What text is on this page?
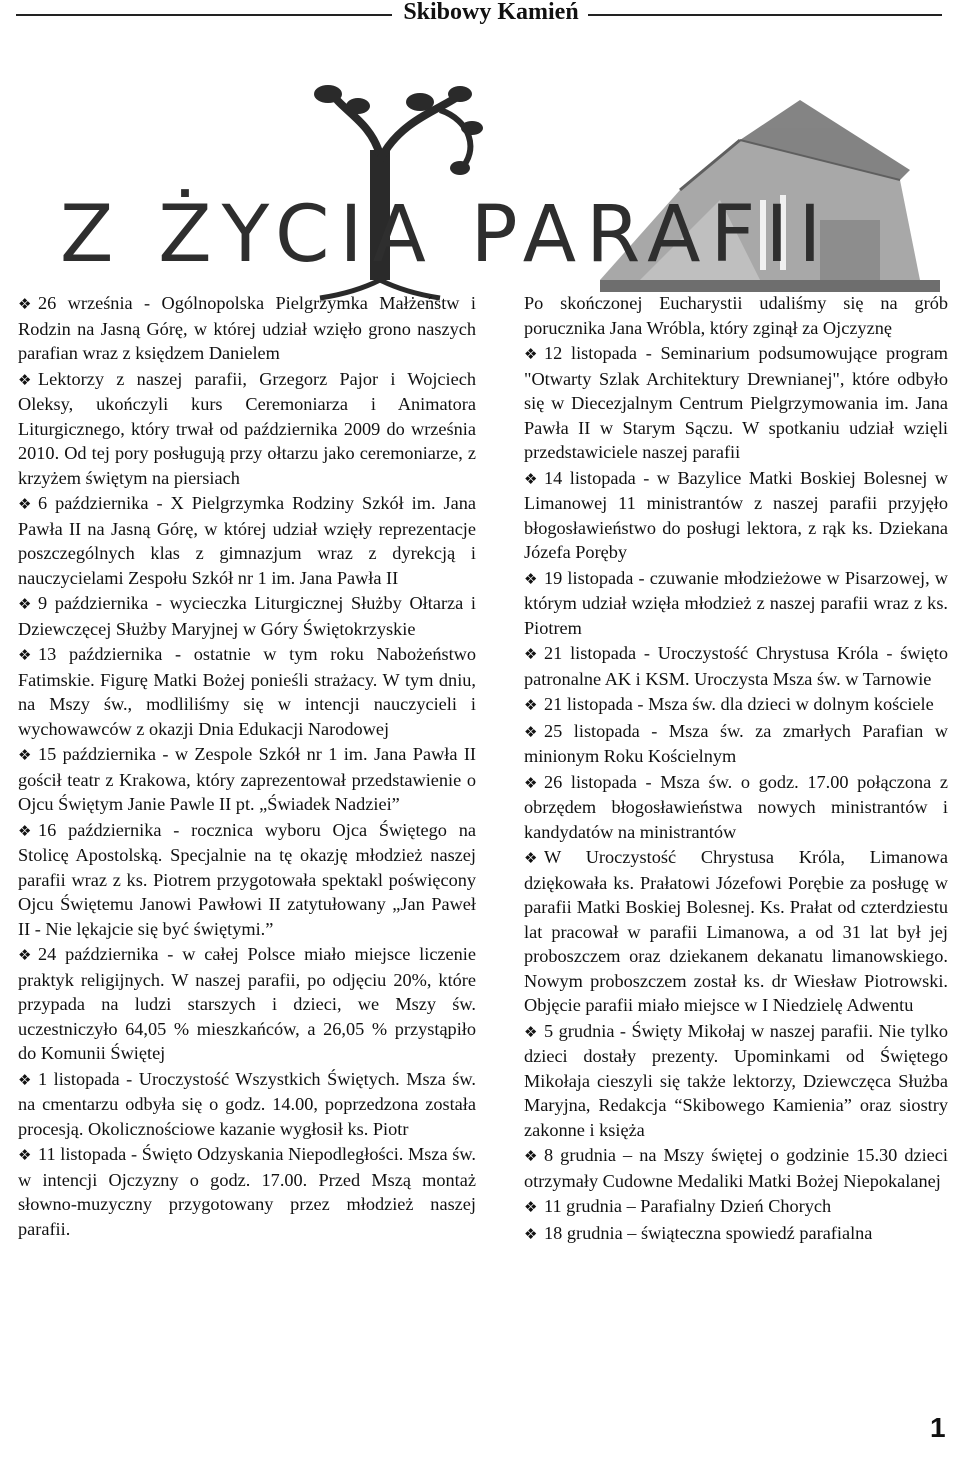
Skibowy Kamień
Z ŻYCIA PARAFII

❖ 26 września - Ogólnopolska Pielgrzymka Małżeństw i Rodzin na Jasną Górę, w której udział wzięło grono naszych parafian wraz z księdzem Danielem

❖ Lektorzy z naszej parafii, Grzegorz Pajor i Wojciech Oleksy, ukończyli kurs Ceremoniarza i Animatora Liturgicznego, który trwał od października 2009 do września 2010. Od tej pory posługują przy ołtarzu jako ceremoniarze, z krzyżem świętym na piersiach

❖ 6 października - X Pielgrzymka Rodziny Szkół im. Jana Pawła II na Jasną Górę, w której udział wzięły reprezentacje poszczególnych klas z gimnazjum wraz z dyrekcją i nauczycielami Zespołu Szkół nr 1 im. Jana Pawła II

❖ 9 października - wycieczka Liturgicznej Służby Ołtarza i Dziewczęcej Służby Maryjnej w Góry Świętokrzyskie

❖ 13 października - ostatnie w tym roku Nabożeństwo Fatimskie. Figurę Matki Bożej ponieśli strażacy. W tym dniu, na Mszy św., modliliśmy się w intencji nauczycieli i wychowawców z okazji Dnia Edukacji Narodowej

❖ 15 października - w Zespole Szkół nr 1 im. Jana Pawła II gościł teatr z Krakowa, który zaprezentował przedstawienie o Ojcu Świętym Janie Pawle II pt. „Świadek Nadziei”

❖ 16 października - rocznica wyboru Ojca Świętego na Stolicę Apostolską. Specjalnie na tę okazję młodzież naszej parafii wraz z ks. Piotrem przygotowała spektakl poświęcony Ojcu Świętemu Janowi Pawłowi II zatytułowany „Jan Paweł II - Nie lękajcie się być świętymi.”

❖ 24 października - w całej Polsce miało miejsce liczenie praktyk religijnych. W naszej parafii, po odjęciu 20%, które przypada na ludzi starszych i dzieci, we Mszy św. uczestniczyło 64,05 % mieszkańców, a 26,05 % przystąpiło do Komunii Świętej

❖ 1 listopada - Uroczystość Wszystkich Świętych. Msza św. na cmentarzu odbyła się o godz. 14.00, poprzedzona została procesją. Okolicznościowe kazanie wygłosił ks. Piotr

❖ 11 listopada - Święto Odzyskania Niepodległości. Msza św. w intencji Ojczyzny o godz. 17.00. Przed Mszą montaż słowno-muzyczny przygotowany przez młodzież naszej parafii.

Po skończonej Eucharystii udaliśmy się na grób porucznika Jana Wróbla, który zginął za Ojczyznę

❖ 12 listopada - Seminarium podsumowujące program "Otwarty Szlak Architektury Drewnianej", które odbyło się w Diecezjalnym Centrum Pielgrzymowania im. Jana Pawła II w Starym Sączu. W spotkaniu udział wzięli przedstawiciele naszej parafii

❖ 14 listopada - w Bazylice Matki Boskiej Bolesnej w Limanowej 11 ministrantów z naszej parafii przyjęło błogosławieństwo do posługi lektora, z rąk ks. Dziekana Józefa Poręby

❖ 19 listopada - czuwanie młodzieżowe w Pisarzowej, w którym udział wzięła młodzież z naszej parafii wraz z ks. Piotrem

❖ 21 listopada - Uroczystość Chrystusa Króla - święto patronalne AK i KSM. Uroczysta Msza św. w Tarnowie

❖ 21 listopada - Msza św. dla dzieci w dolnym kościele

❖ 25 listopada - Msza św. za zmarłych Parafian w minionym Roku Kościelnym

❖ 26 listopada - Msza św. o godz. 17.00 połączona z obrzędem błogosławieństwa nowych ministrantów i kandydatów na ministrantów

❖ W Uroczystość Chrystusa Króla, Limanowa dziękowała ks. Prałatowi Józefowi Porębie za posługę w parafii Matki Boskiej Bolesnej. Ks. Prałat od czterdziestu lat pracował w parafii Limanowa, a od 31 lat był jej proboszczem oraz dziekanem dekanatu limanowskiego. Nowym proboszczem został ks. dr Wiesław Piotrowski. Objęcie parafii miało miejsce w I Niedzielę Adwentu

❖ 5 grudnia - Święty Mikołaj w naszej parafii. Nie tylko dzieci dostały prezenty. Upominkami od Świętego Mikołaja cieszyli się także lektorzy, Dziewczęca Służba Maryjna, Redakcja “Skibowego Kamienia” oraz siostry zakonne i księża

❖ 8 grudnia – na Mszy świętej o godzinie 15.30 dzieci otrzymały Cudowne Medaliki Matki Bożej Niepokalanej

❖ 11 grudnia – Parafialny Dzień Chorych

❖ 18 grudnia – świąteczna spowiedź parafialna

1
